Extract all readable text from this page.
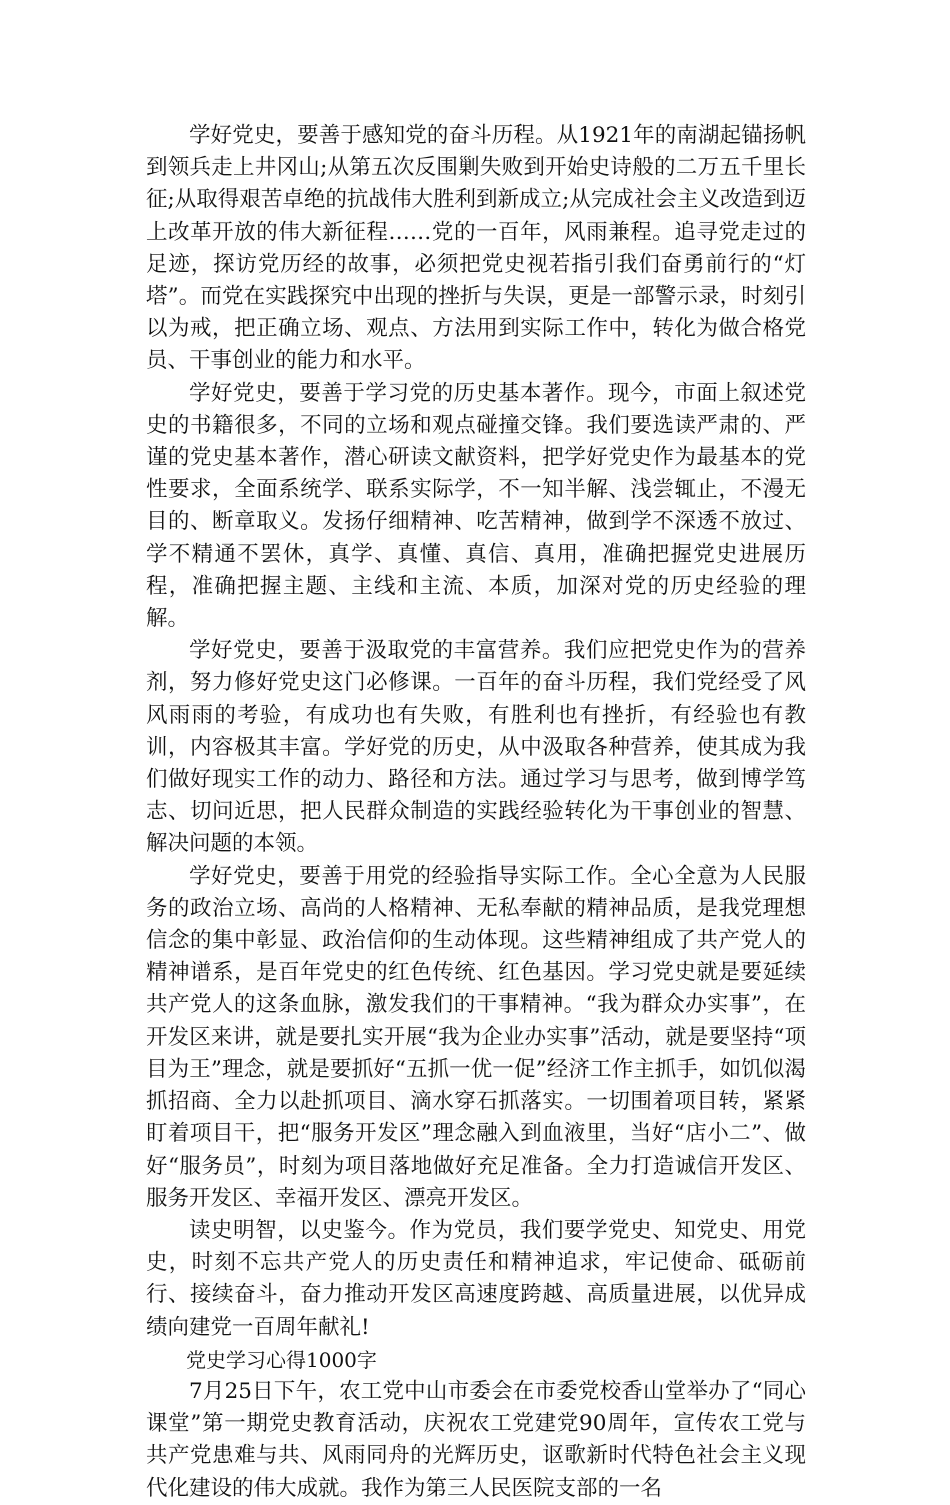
学好党史，要善于感知党的奋斗历程。从1921年的南湖起锚扬帆到领兵走上井冈山;从第五次反围剿失败到开始史诗般的二万五千里长征;从取得艰苦卓绝的抗战伟大胜利到新成立;从完成社会主义改造到迈上改革开放的伟大新征程……党的一百年，风雨兼程。追寻党走过的足迹，探访党历经的故事，必须把党史视若指引我们奋勇前行的“灯塔”。而党在实践探究中出现的挫折与失误，更是一部警示录，时刻引以为戒，把正确立场、观点、方法用到实际工作中，转化为做合格党员、干事创业的能力和水平。

学好党史，要善于学习党的历史基本著作。现今，市面上叙述党史的书籍很多，不同的立场和观点碰撞交锋。我们要选读严肃的、严谨的党史基本著作，潜心研读文献资料，把学好党史作为最基本的党性要求，全面系统学、联系实际学，不一知半解、浅尝辄止，不漫无目的、断章取义。发扬仔细精神、吃苦精神，做到学不深透不放过、学不精通不罢休，真学、真懂、真信、真用，准确把握党史进展历程，准确把握主题、主线和主流、本质，加深对党的历史经验的理解。

学好党史，要善于汲取党的丰富营养。我们应把党史作为的营养剂，努力修好党史这门必修课。一百年的奋斗历程，我们党经受了风风雨雨的考验，有成功也有失败，有胜利也有挫折，有经验也有教训，内容极其丰富。学好党的历史，从中汲取各种营养，使其成为我们做好现实工作的动力、路径和方法。通过学习与思考，做到博学笃志、切问近思，把人民群众制造的实践经验转化为干事创业的智慧、解决问题的本领。

学好党史，要善于用党的经验指导实际工作。全心全意为人民服务的政治立场、高尚的人格精神、无私奉献的精神品质，是我党理想信念的集中彰显、政治信仰的生动体现。这些精神组成了共产党人的精神谱系，是百年党史的红色传统、红色基因。学习党史就是要延续共产党人的这条血脉，激发我们的干事精神。“我为群众办实事”，在开发区来讲，就是要扎实开展“我为企业办实事”活动，就是要坚持“项目为王”理念，就是要抓好“五抓一优一促”经济工作主抓手，如饥似渴抓招商、全力以赴抓项目、滴水穿石抓落实。一切围着项目转，紧紧盯着项目干，把“服务开发区”理念融入到血液里，当好“店小二”、做好“服务员”，时刻为项目落地做好充足准备。全力打造诚信开发区、服务开发区、幸福开发区、漂亮开发区。

读史明智，以史鉴今。作为党员，我们要学党史、知党史、用党史，时刻不忘共产党人的历史责任和精神追求，牢记使命、砥砺前行、接续奋斗，奋力推动开发区高速度跨越、高质量进展，以优异成绩向建党一百周年献礼!

党史学习心得1000字

7月25日下午，农工党中山市委会在市委党校香山堂举办了“同心课堂”第一期党史教育活动，庆祝农工党建党90周年，宣传农工党与共产党患难与共、风雨同舟的光辉历史，讴歌新时代特色社会主义现代化建设的伟大成就。我作为第三人民医院支部的一名
